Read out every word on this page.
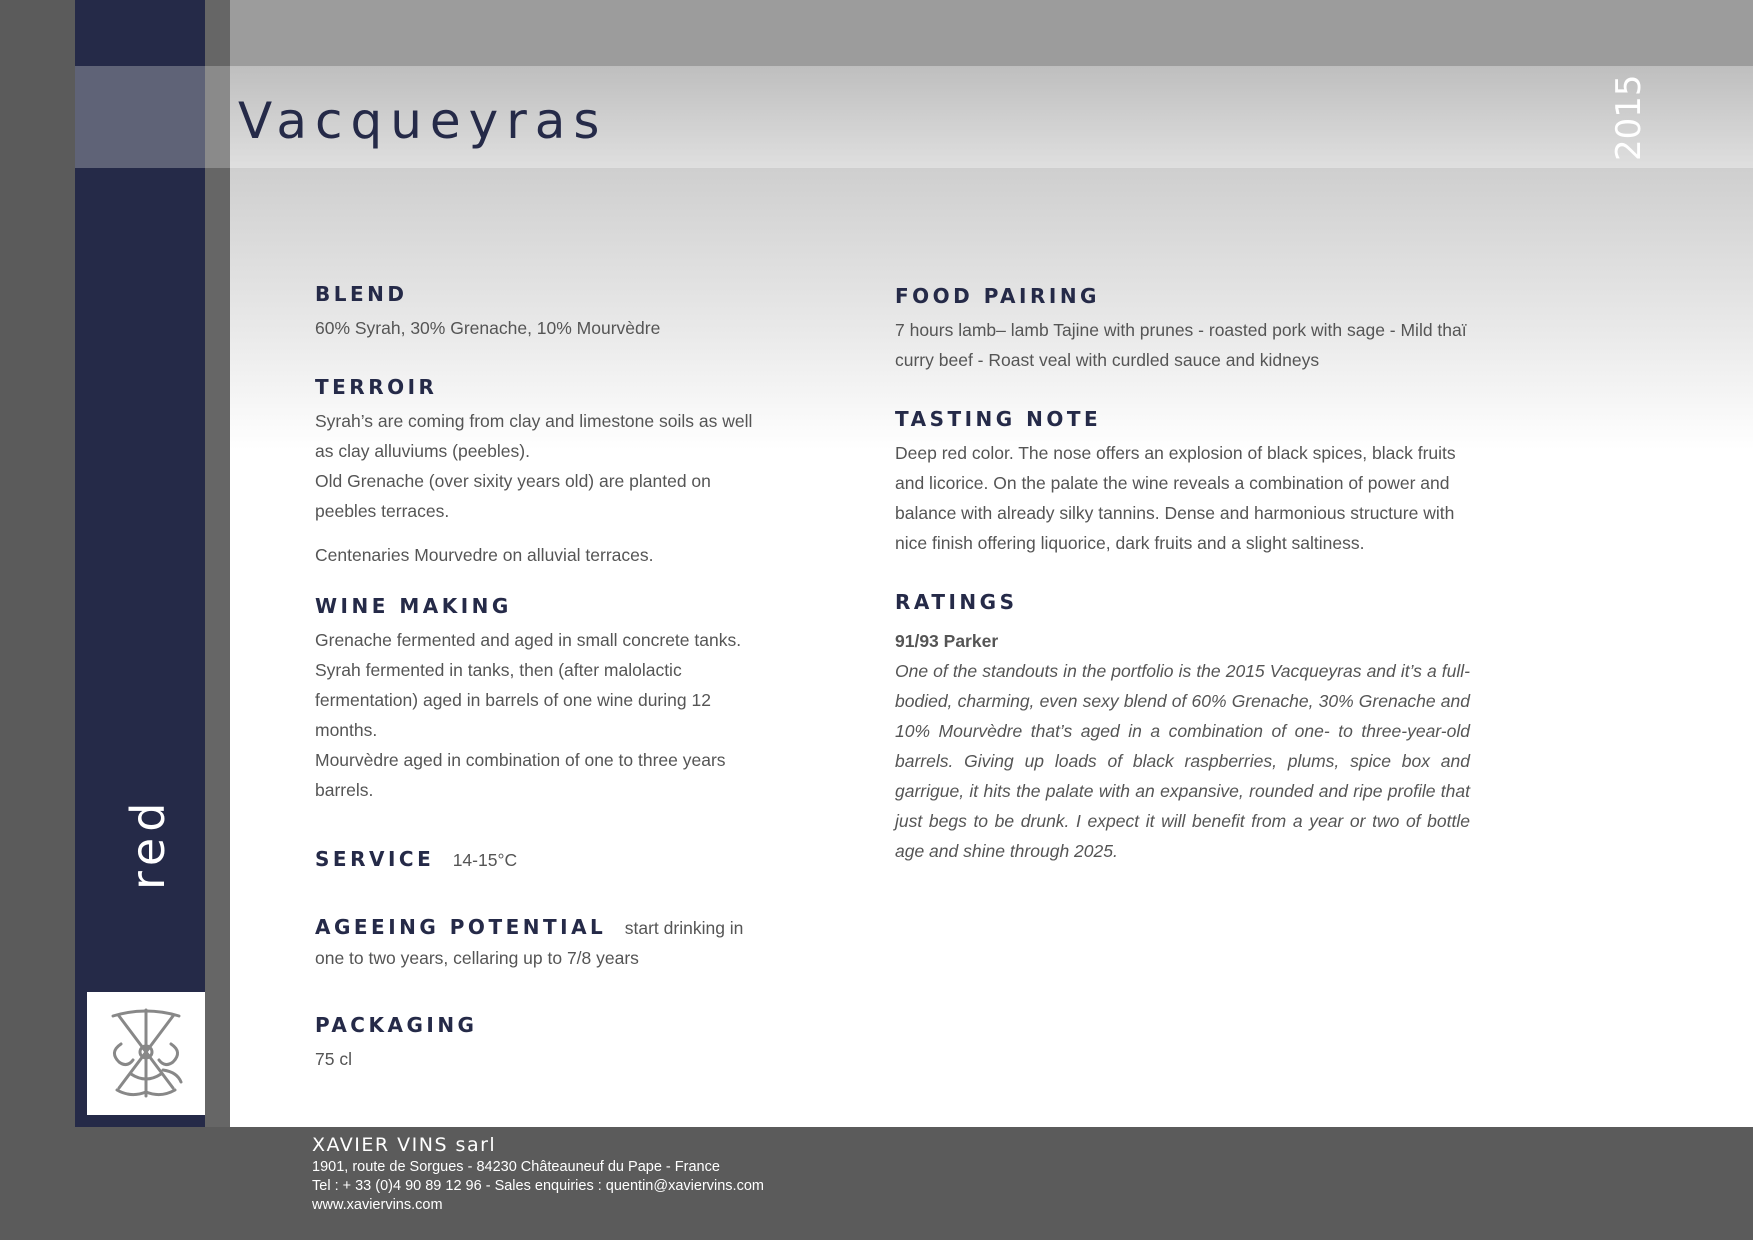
Vacqueyras	2015
red
BLEND

60% Syrah, 30% Grenache, 10% Mourvèdre

TERROIR

Syrah’s are coming from clay and limestone soils as well as clay alluviums (peebles).
Old Grenache (over sixity years old) are planted on peebles terraces.

Centenaries Mourvedre on alluvial terraces.

WINE MAKING

Grenache fermented and aged in small concrete tanks.
Syrah fermented in tanks, then (after malolactic fermentation) aged in barrels of one wine during 12 months.
Mourvèdre aged in combination of one to three years barrels.

SERVICE 14-15°C

AGEEING POTENTIAL start drinking in one to two years, cellaring up to 7/8 years

PACKAGING

75 cl

FOOD PAIRING

7 hours lamb– lamb Tajine with prunes - roasted pork with sage - Mild thaï curry beef - Roast veal with curdled sauce and kidneys

TASTING NOTE

Deep red color. The nose offers an explosion of black spices, black fruits and licorice. On the palate the wine reveals a combination of power and balance with already silky tannins. Dense and harmonious structure with nice finish offering liquorice, dark fruits and a slight saltiness.

RATINGS

91/93 Parker

One of the standouts in the portfolio is the 2015 Vacqueyras and it’s a full-bodied, charming, even sexy blend of 60% Grenache, 30% Grenache and 10% Mourvèdre that’s aged in a combination of one- to three-year-old barrels. Giving up loads of black raspberries, plums, spice box and garrigue, it hits the palate with an expansive, rounded and ripe profile that just begs to be drunk. I expect it will benefit from a year or two of bottle age and shine through 2025.

XAVIER VINS sarl
1901, route de Sorgues - 84230 Châteauneuf du Pape - France
Tel : + 33 (0)4 90 89 12 96 - Sales enquiries : quentin@xaviervins.com
www.xaviervins.com
